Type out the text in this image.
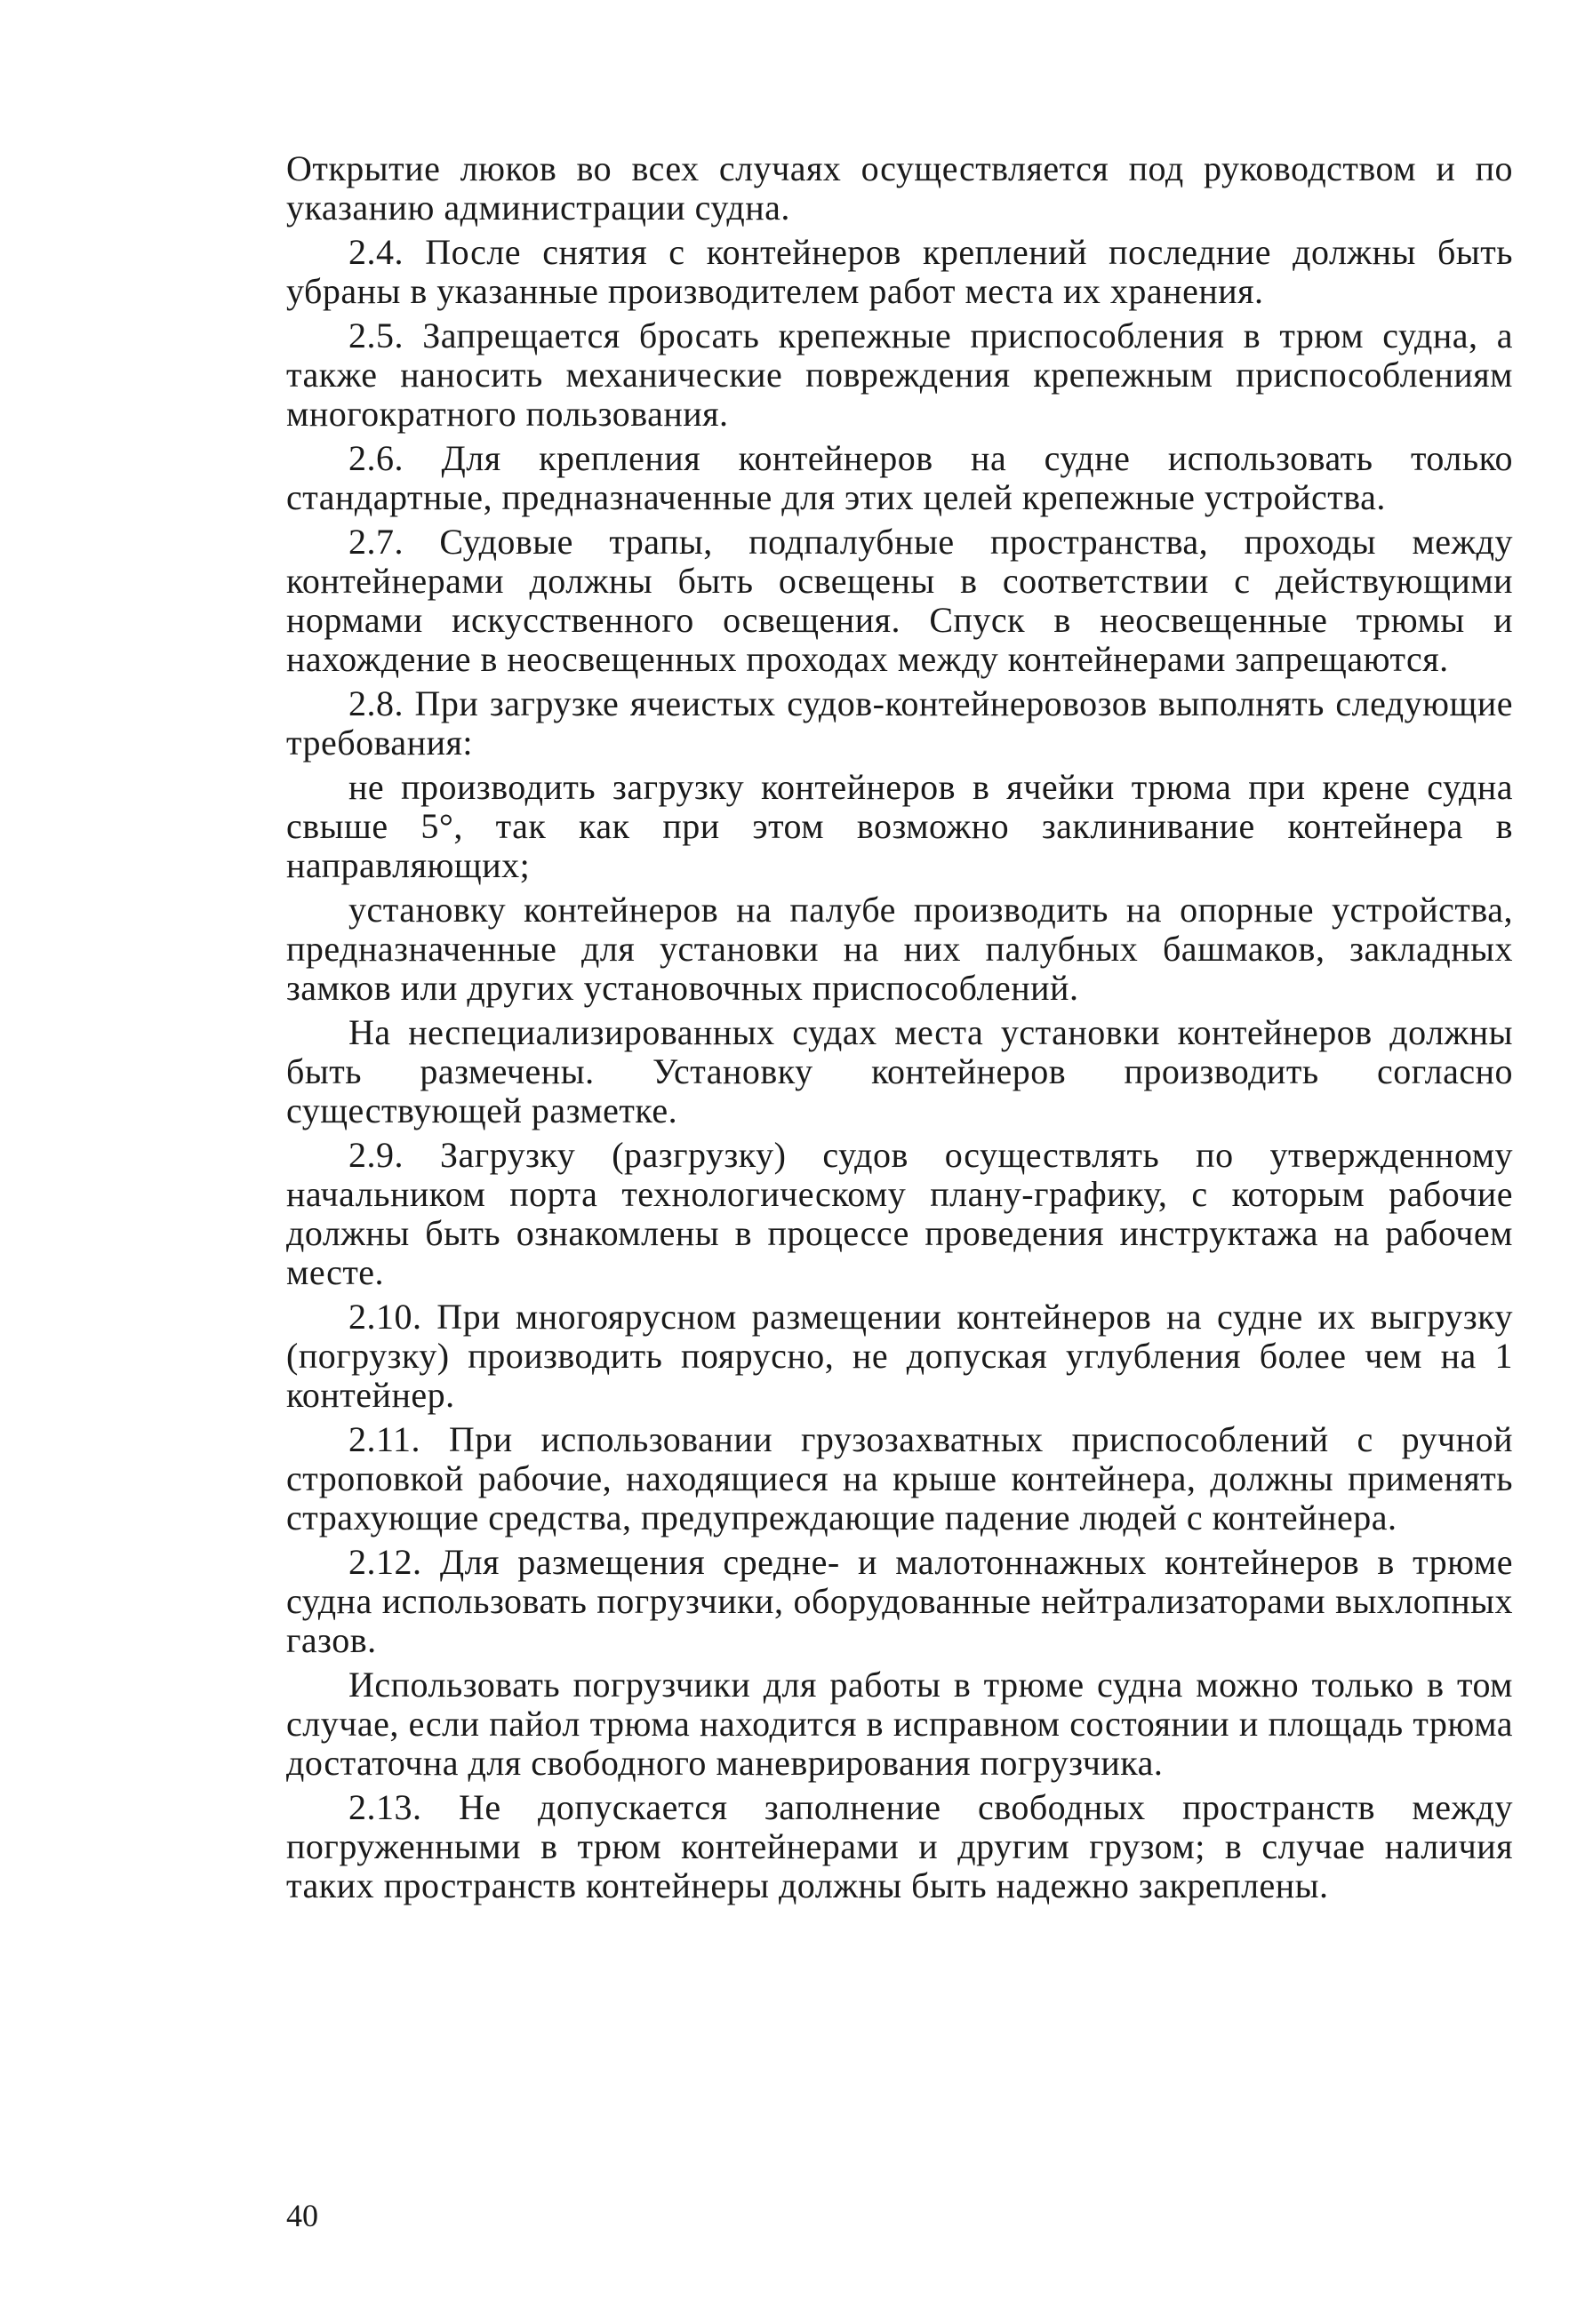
Открытие люков во всех случаях осуществляется под руководством и по указанию администрации судна.

2.4. После снятия с контейнеров креплений последние должны быть убраны в указанные производителем работ места их хранения.

2.5. Запрещается бросать крепежные приспособления в трюм судна, а также наносить механические повреждения крепежным приспособлениям многократного пользования.

2.6. Для крепления контейнеров на судне использовать только стандартные, предназначенные для этих целей крепежные устройства.

2.7. Судовые трапы, подпалубные пространства, проходы между контейнерами должны быть освещены в соответствии с действующими нормами искусственного освещения. Спуск в неосвещенные трюмы и нахождение в неосвещенных проходах между контейнерами запрещаются.

2.8. При загрузке ячеистых судов-контейнеровозов выполнять следующие требования:

не производить загрузку контейнеров в ячейки трюма при крене судна свыше 5°, так как при этом возможно заклинивание контейнера в направляющих;

установку контейнеров на палубе производить на опорные устройства, предназначенные для установки на них палубных башмаков, закладных замков или других установочных приспособлений.

На неспециализированных судах места установки контейнеров должны быть размечены. Установку контейнеров производить согласно существующей разметке.

2.9. Загрузку (разгрузку) судов осуществлять по утвержденному начальником порта технологическому плану-графику, с которым рабочие должны быть ознакомлены в процессе проведения инструктажа на рабочем месте.

2.10. При многоярусном размещении контейнеров на судне их выгрузку (погрузку) производить поярусно, не допуская углубления более чем на 1 контейнер.

2.11. При использовании грузозахватных приспособлений с ручной строповкой рабочие, находящиеся на крыше контейнера, должны применять страхующие средства, предупреждающие падение людей с контейнера.

2.12. Для размещения средне- и малотоннажных контейнеров в трюме судна использовать погрузчики, оборудованные нейтрализаторами выхлопных газов.

Использовать погрузчики для работы в трюме судна можно только в том случае, если пайол трюма находится в исправном состоянии и площадь трюма достаточна для свободного маневрирования погрузчика.

2.13. Не допускается заполнение свободных пространств между погруженными в трюм контейнерами и другим грузом; в случае наличия таких пространств контейнеры должны быть надежно закреплены.

40
